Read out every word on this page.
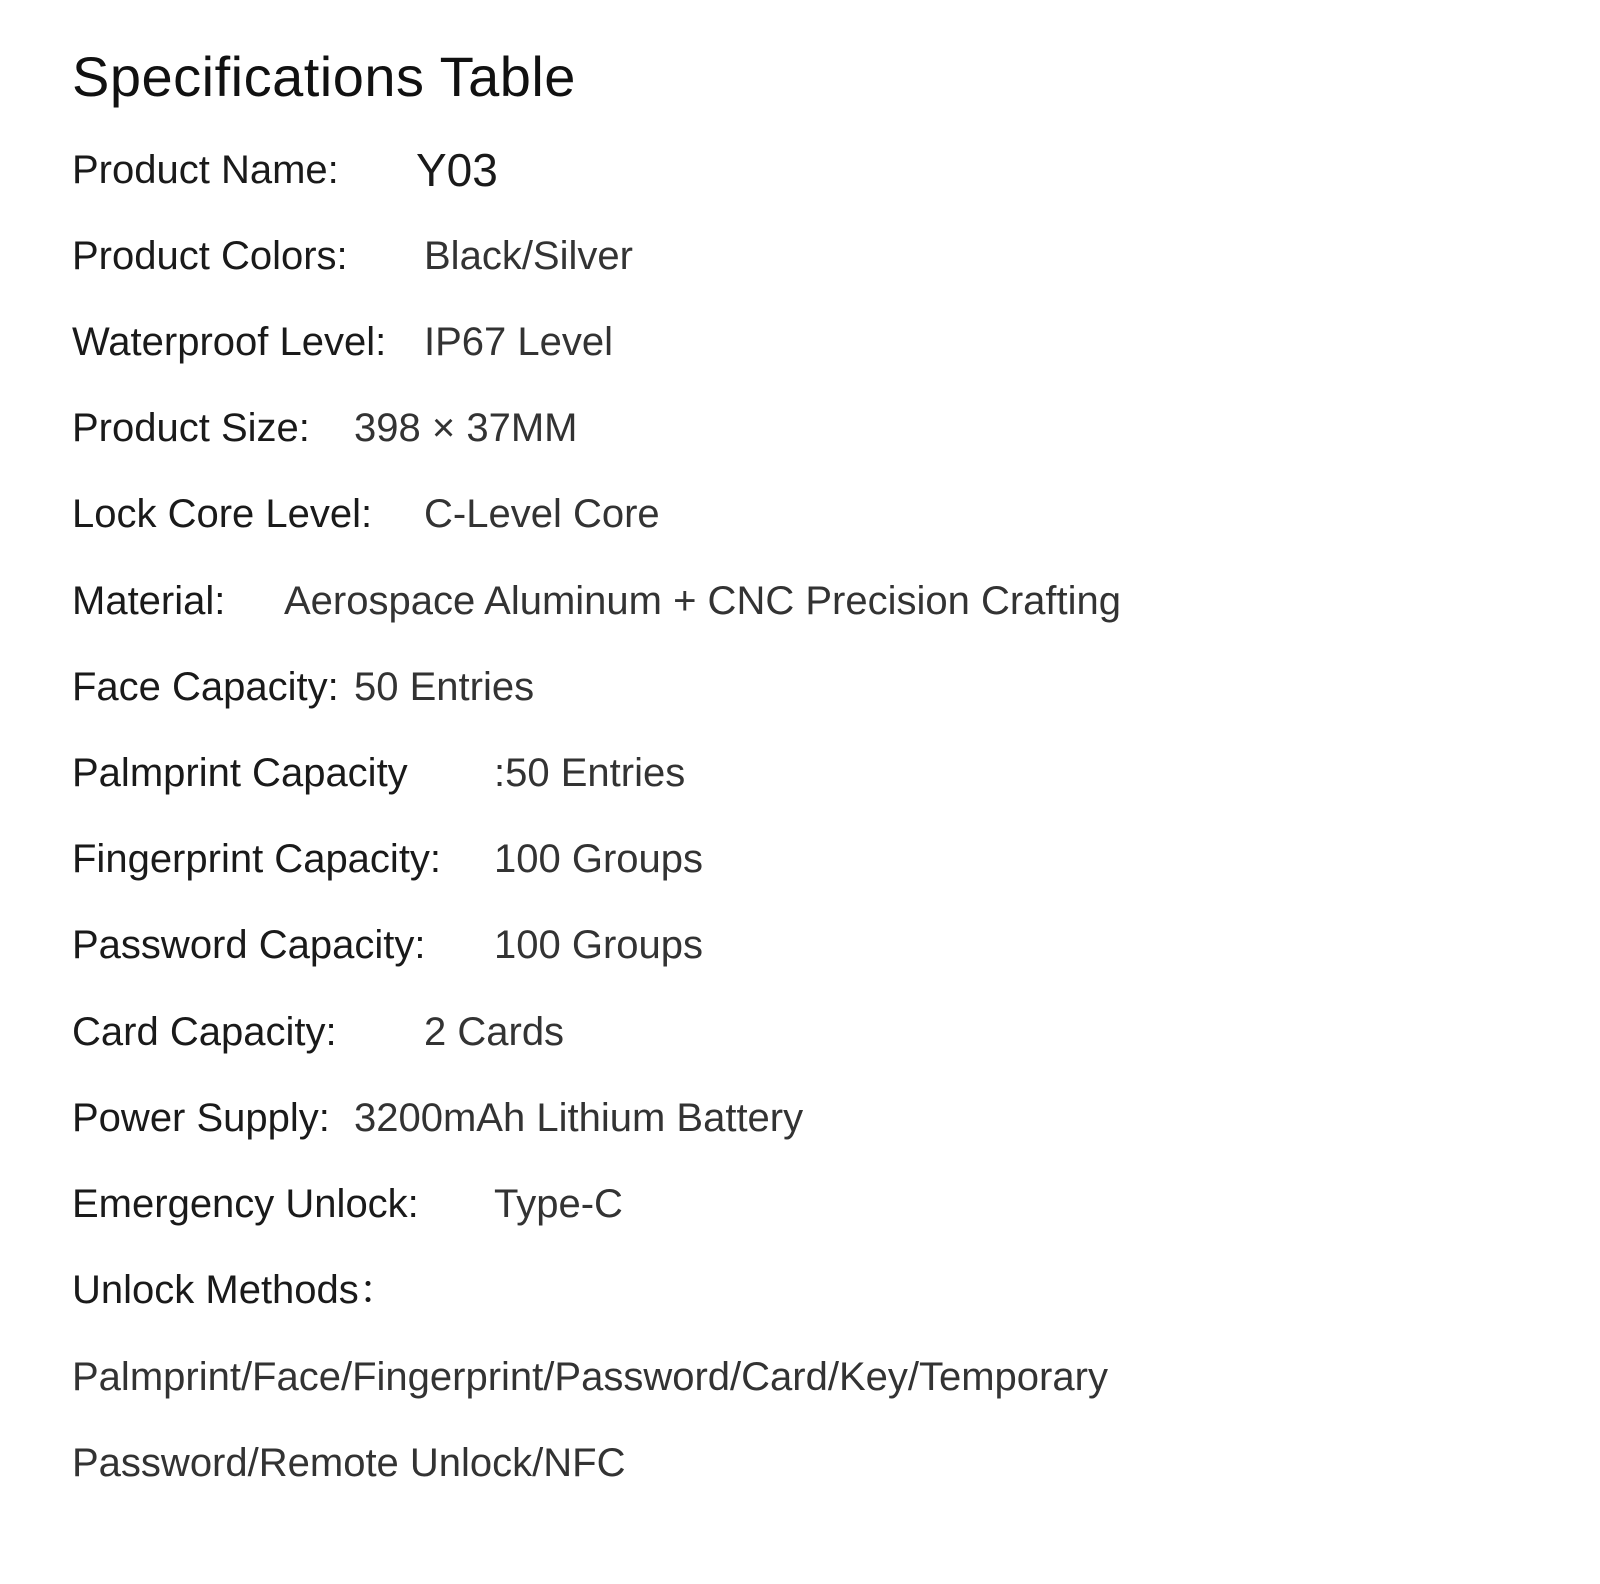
Specifications Table
Product Name: Y03
Product Colors: Black/Silver
Waterproof Level: IP67 Level
Product Size: 398 × 37MM
Lock Core Level: C-Level Core
Material: Aerospace Aluminum + CNC Precision Crafting
Face Capacity: 50 Entries
Palmprint Capacity :50 Entries
Fingerprint Capacity: 100 Groups
Password Capacity: 100 Groups
Card Capacity: 2 Cards
Power Supply: 3200mAh Lithium Battery
Emergency Unlock: Type-C
Unlock Methods：
Palmprint/Face/Fingerprint/Password/Card/Key/Temporary
Password/Remote Unlock/NFC
